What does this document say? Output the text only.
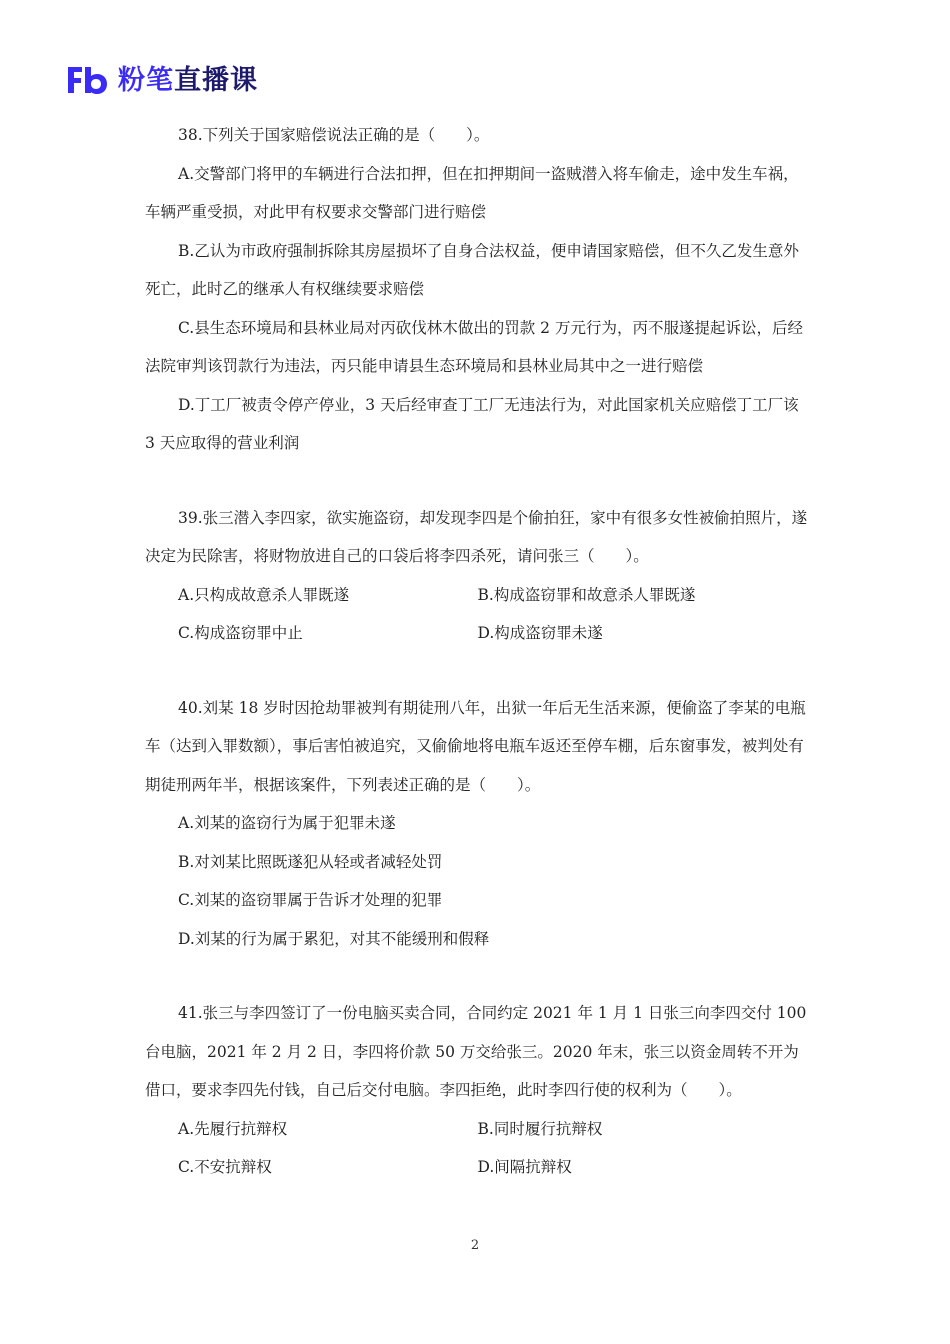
粉笔直播课

38.下列关于国家赔偿说法正确的是（　　）。

A.交警部门将甲的车辆进行合法扣押，但在扣押期间一盗贼潜入将车偷走，途中发生车祸，车辆严重受损，对此甲有权要求交警部门进行赔偿

B.乙认为市政府强制拆除其房屋损坏了自身合法权益，便申请国家赔偿，但不久乙发生意外死亡，此时乙的继承人有权继续要求赔偿

C.县生态环境局和县林业局对丙砍伐林木做出的罚款 2 万元行为，丙不服遂提起诉讼，后经法院审判该罚款行为违法，丙只能申请县生态环境局和县林业局其中之一进行赔偿

D.丁工厂被责令停产停业，3 天后经审查丁工厂无违法行为，对此国家机关应赔偿丁工厂该 3 天应取得的营业利润

39.张三潜入李四家，欲实施盗窃，却发现李四是个偷拍狂，家中有很多女性被偷拍照片，遂决定为民除害，将财物放进自己的口袋后将李四杀死，请问张三（　　）。

A.只构成故意杀人罪既遂	B.构成盗窃罪和故意杀人罪既遂
C.构成盗窃罪中止	D.构成盗窃罪未遂

40.刘某 18 岁时因抢劫罪被判有期徒刑八年，出狱一年后无生活来源，便偷盗了李某的电瓶车（达到入罪数额），事后害怕被追究，又偷偷地将电瓶车返还至停车棚，后东窗事发，被判处有期徒刑两年半，根据该案件，下列表述正确的是（　　）。

A.刘某的盗窃行为属于犯罪未遂

B.对刘某比照既遂犯从轻或者减轻处罚

C.刘某的盗窃罪属于告诉才处理的犯罪

D.刘某的行为属于累犯，对其不能缓刑和假释

41.张三与李四签订了一份电脑买卖合同，合同约定 2021 年 1 月 1 日张三向李四交付 100 台电脑，2021 年 2 月 2 日，李四将价款 50 万交给张三。2020 年末，张三以资金周转不开为借口，要求李四先付钱，自己后交付电脑。李四拒绝，此时李四行使的权利为（　　）。

A.先履行抗辩权	B.同时履行抗辩权
C.不安抗辩权	D.间隔抗辩权
2
